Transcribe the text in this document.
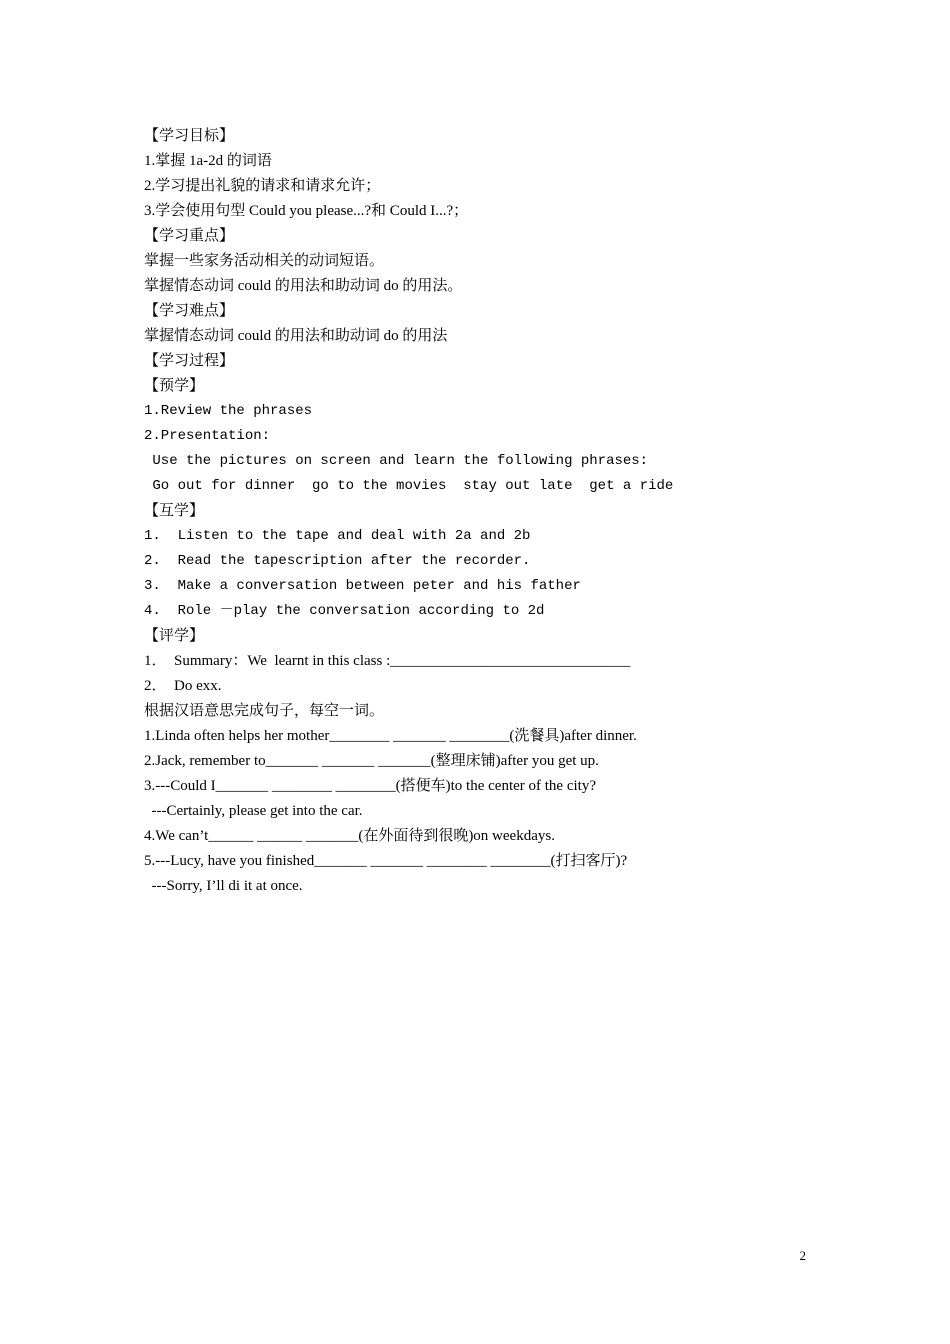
【学习目标】
1.掌握 1a-2d 的词语
2.学习提出礼貌的请求和请求允许；
3.学会使用句型 Could you please...?和 Could I...?；
【学习重点】
掌握一些家务活动相关的动词短语。
掌握情态动词 could 的用法和助动词 do 的用法。
【学习难点】
掌握情态动词 could 的用法和助动词 do 的用法
【学习过程】
【预学】
1.Review the phrases
2.Presentation:
Use the pictures on screen and learn the following phrases:
Go out for dinner  go to the movies  stay out late  get a ride
【互学】
1.  Listen to the tape and deal with 2a and 2b
2.  Read the tapescription after the recorder.
3.  Make a conversation between peter and his father
4.  Role －play the conversation according to 2d
【评学】
1．  Summary：We  learnt in this class :________________________________
2．  Do exx.
根据汉语意思完成句子，每空一词。
1.Linda often helps her mother________ _______ ________(洗餐具)after dinner.
2.Jack, remember to_______ _______ _______(整理床铺)after you get up.
3.---Could I_______ ________ ________(搭便车)to the center of the city?
---Certainly, please get into the car.
4.We can’t______ ______ _______(在外面待到很晚)on weekdays.
5.---Lucy, have you finished_______ _______ ________ ________(打扫客厅)?
---Sorry, I’ll di it at once.
2
